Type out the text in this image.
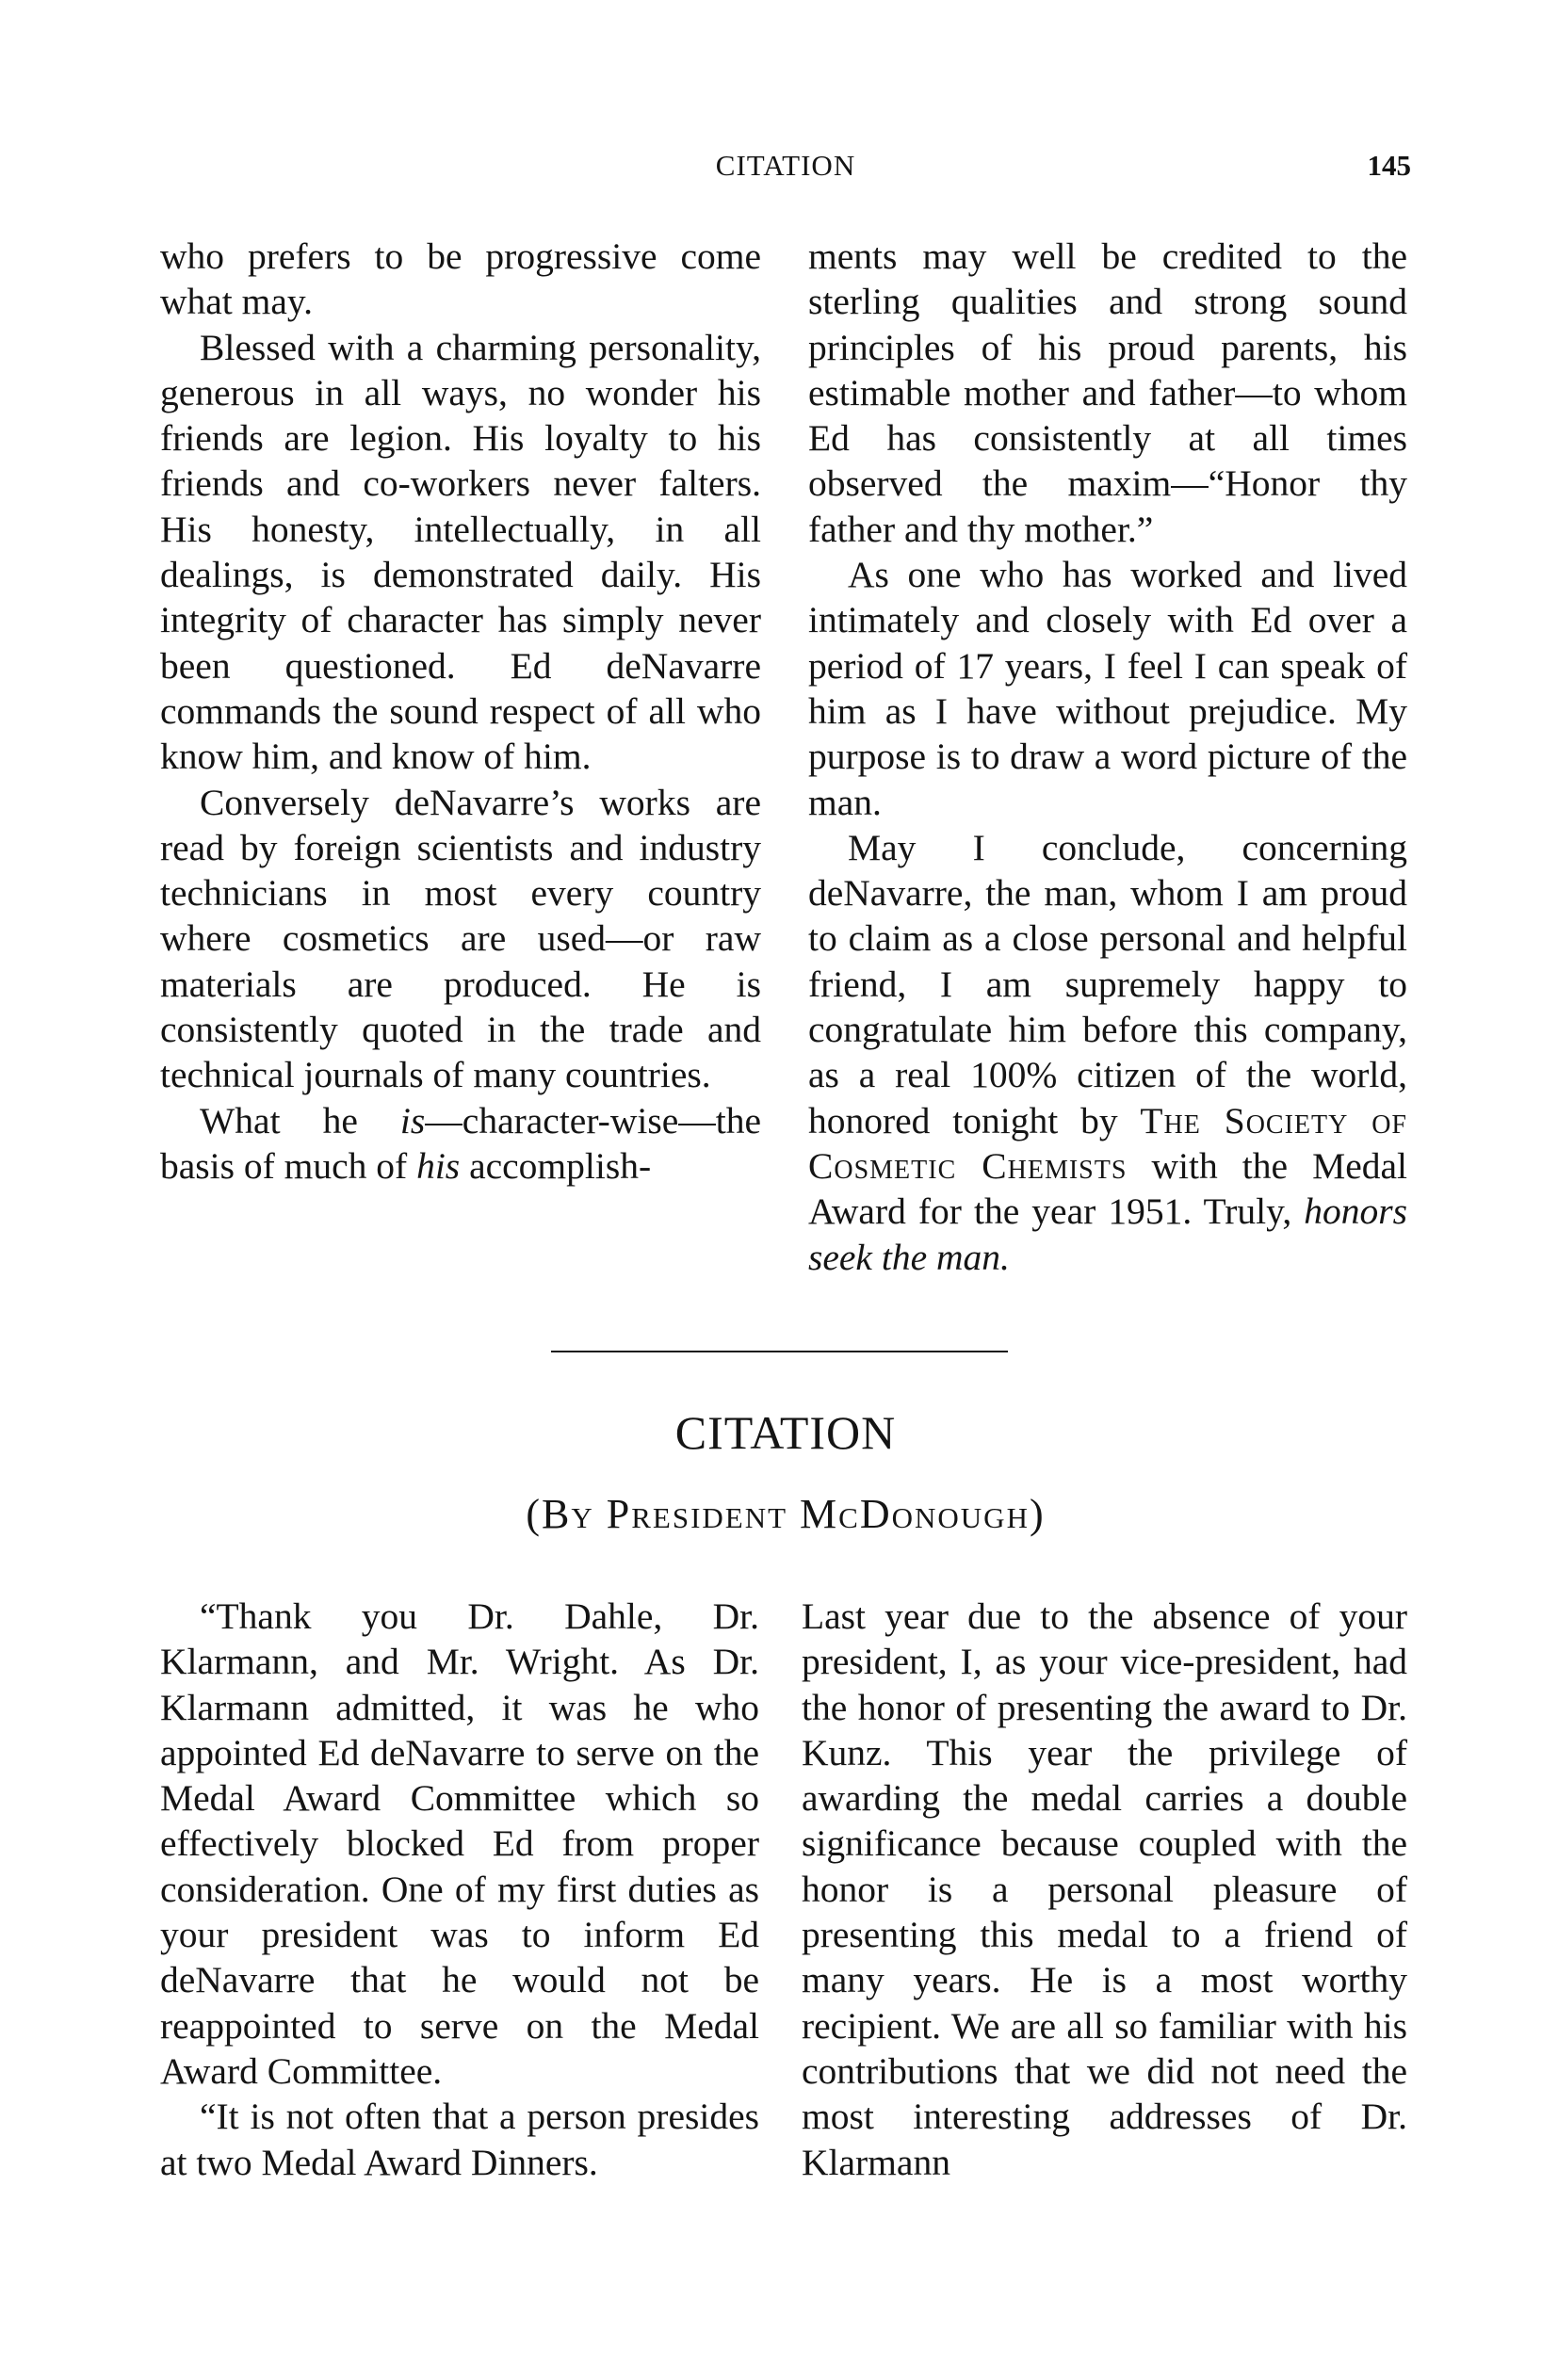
CITATION	145

who prefers to be progressive come what may.

Blessed with a charming personality, generous in all ways, no wonder his friends are legion. His loyalty to his friends and co-workers never falters. His honesty, intellectually, in all dealings, is demonstrated daily. His integrity of character has simply never been questioned. Ed deNavarre commands the sound respect of all who know him, and know of him.

Conversely deNavarre’s works are read by foreign scientists and industry technicians in most every country where cosmetics are used—or raw materials are produced. He is consistently quoted in the trade and technical journals of many countries.

What he is—character-wise—the basis of much of his accomplish-

ments may well be credited to the sterling qualities and strong sound principles of his proud parents, his estimable mother and father—to whom Ed has consistently at all times observed the maxim—“Honor thy father and thy mother.”

As one who has worked and lived intimately and closely with Ed over a period of 17 years, I feel I can speak of him as I have without prejudice. My purpose is to draw a word picture of the man.

May I conclude, concerning deNavarre, the man, whom I am proud to claim as a close personal and helpful friend, I am supremely happy to congratulate him before this company, as a real 100% citizen of the world, honored tonight by The Society of Cosmetic Chemists with the Medal Award for the year 1951. Truly, honors seek the man.

CITATION
(By President McDonough)

“Thank you Dr. Dahle, Dr. Klarmann, and Mr. Wright. As Dr. Klarmann admitted, it was he who appointed Ed deNavarre to serve on the Medal Award Committee which so effectively blocked Ed from proper consideration. One of my first duties as your president was to inform Ed deNavarre that he would not be reappointed to serve on the Medal Award Committee.

“It is not often that a person presides at two Medal Award Dinners.

Last year due to the absence of your president, I, as your vice-president, had the honor of presenting the award to Dr. Kunz. This year the privilege of awarding the medal carries a double significance because coupled with the honor is a personal pleasure of presenting this medal to a friend of many years. He is a most worthy recipient. We are all so familiar with his contributions that we did not need the most interesting addresses of Dr. Klarmann
